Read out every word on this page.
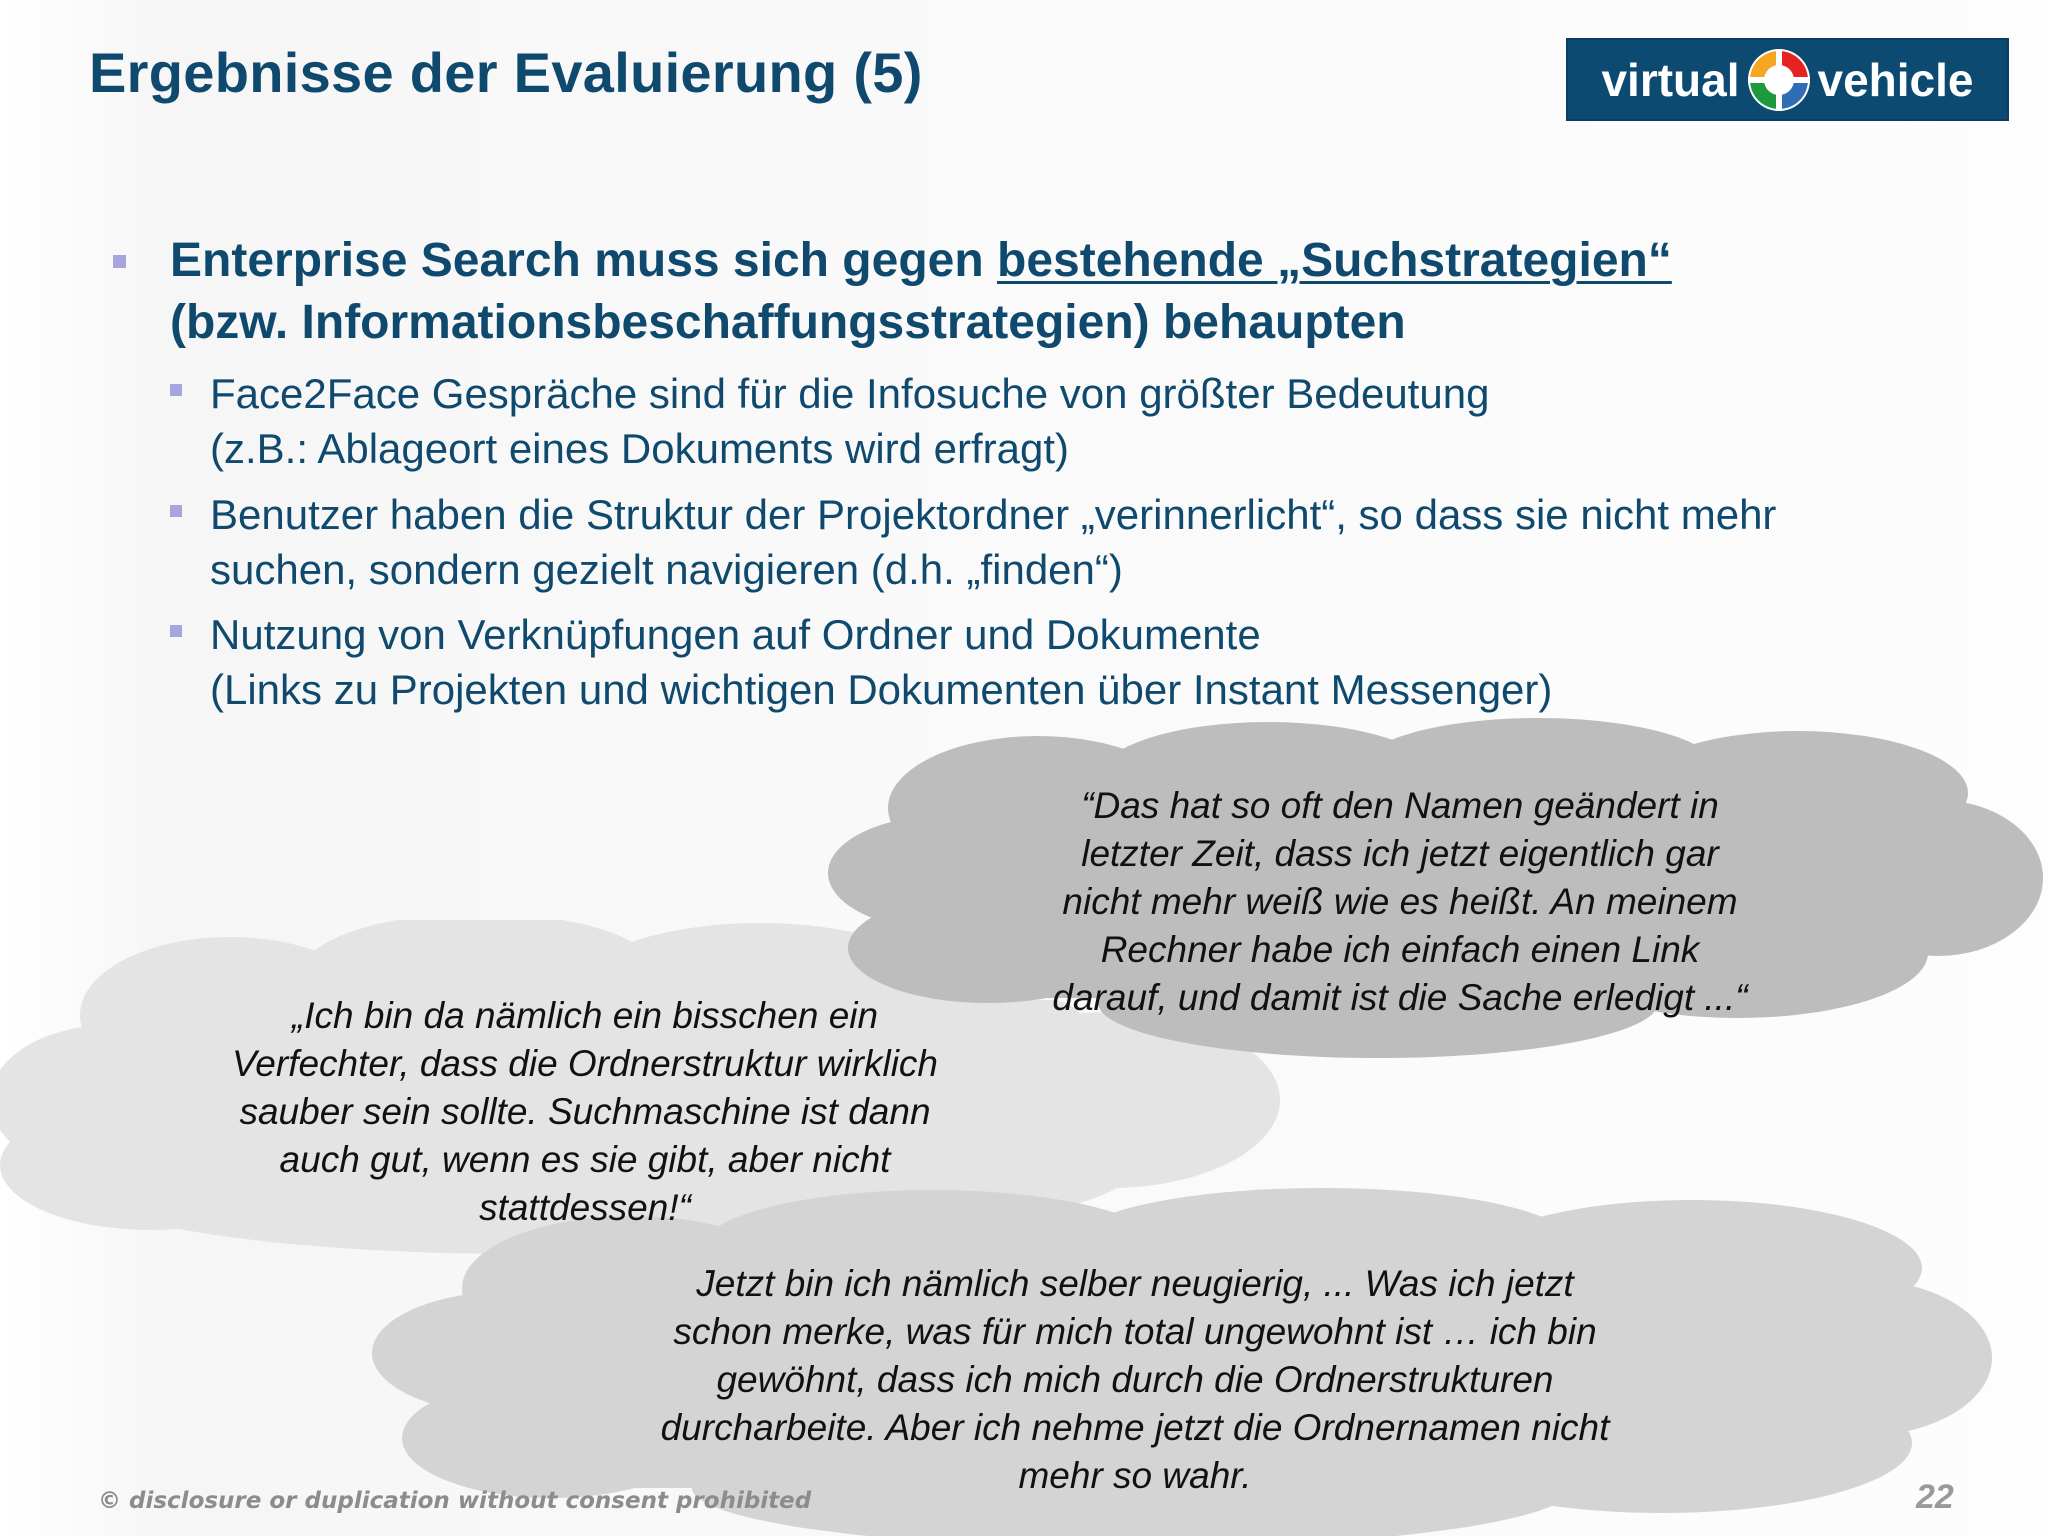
Ergebnisse der Evaluierung (5)	virtual vehicle
Enterprise Search muss sich gegen bestehende „Suchstrategien“
(bzw. Informationsbeschaffungsstrategien) behaupten
Face2Face Gespräche sind für die Infosuche von größter Bedeutung
(z.B.: Ablageort eines Dokuments wird erfragt)
Benutzer haben die Struktur der Projektordner „verinnerlicht“, so dass sie nicht mehr
suchen, sondern gezielt navigieren (d.h. „finden“)
Nutzung von Verknüpfungen auf Ordner und Dokumente
(Links zu Projekten und wichtigen Dokumenten über Instant Messenger)
“Das hat so oft den Namen geändert in
letzter Zeit, dass ich jetzt eigentlich gar
nicht mehr weiß wie es heißt. An meinem
Rechner habe ich einfach einen Link
darauf, und damit ist die Sache erledigt ...“
„Ich bin da nämlich ein bisschen ein
Verfechter, dass die Ordnerstruktur wirklich
sauber sein sollte. Suchmaschine ist dann
auch gut, wenn es sie gibt, aber nicht
stattdessen!“
© disclosure or duplication without consent prohibited
Jetzt bin ich nämlich selber neugierig, ... Was ich jetzt
schon merke, was für mich total ungewohnt ist … ich bin
gewöhnt, dass ich mich durch die Ordnerstrukturen
durcharbeite. Aber ich nehme jetzt die Ordnernamen nicht
mehr so wahr.
22
